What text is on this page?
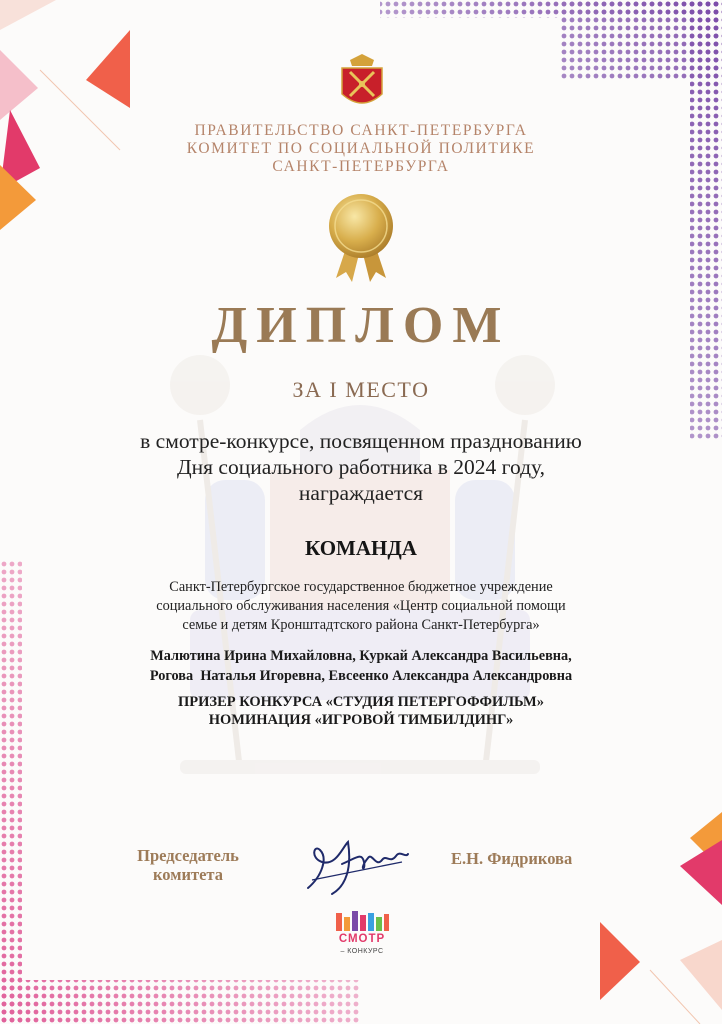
ПРАВИТЕЛЬСТВО САНКТ-ПЕТЕРБУРГА
КОМИТЕТ ПО СОЦИАЛЬНОЙ ПОЛИТИКЕ
САНКТ-ПЕТЕРБУРГА
ДИПЛОМ
ЗА I МЕСТО
в смотре-конкурсе, посвященном празднованию
Дня социального работника в 2024 году,
награждается
КОМАНДА
Санкт-Петербургское государственное бюджетное учреждение
социального обслуживания населения «Центр социальной помощи
семье и детям Кронштадтского района Санкт-Петербурга»
Малютина Ирина Михайловна, Куркай Александра Васильевна,
Рогова  Наталья Игоревна, Евсеенко Александра Александровна
ПРИЗЕР КОНКУРСА «СТУДИЯ ПЕТЕРГОФФИЛЬМ»
НОМИНАЦИЯ «ИГРОВОЙ ТИМБИЛДИНГ»
Председатель
комитета
Е.Н. Фидрикова
СМОТР
– КОНКУРС
